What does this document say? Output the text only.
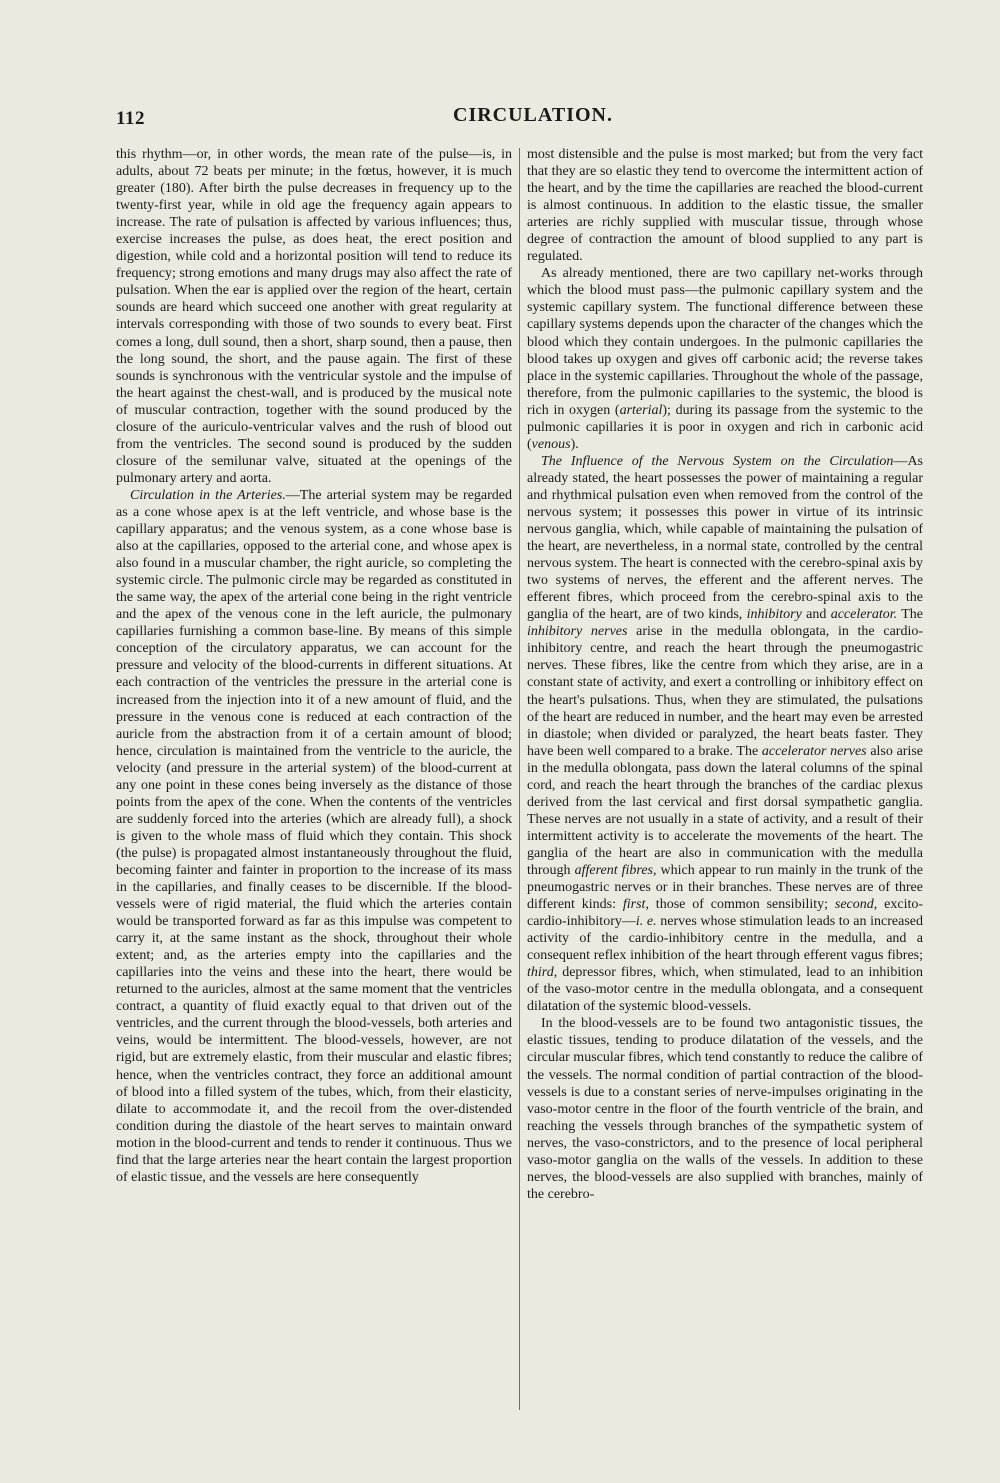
112	CIRCULATION.

this rhythm—or, in other words, the mean rate of the pulse—is, in adults, about 72 beats per minute; in the fœtus, however, it is much greater (180). After birth the pulse decreases in frequency up to the twenty-first year, while in old age the frequency again appears to increase. The rate of pulsation is affected by various influences; thus, exercise increases the pulse, as does heat, the erect position and digestion, while cold and a horizontal position will tend to reduce its frequency; strong emotions and many drugs may also affect the rate of pulsation. When the ear is applied over the region of the heart, certain sounds are heard which succeed one another with great regularity at intervals corresponding with those of two sounds to every beat. First comes a long, dull sound, then a short, sharp sound, then a pause, then the long sound, the short, and the pause again. The first of these sounds is synchronous with the ventricular systole and the impulse of the heart against the chest-wall, and is produced by the musical note of muscular contraction, together with the sound produced by the closure of the auriculo-ventricular valves and the rush of blood out from the ventricles. The second sound is produced by the sudden closure of the semilunar valve, situated at the openings of the pulmonary artery and aorta.

Circulation in the Arteries.—The arterial system may be regarded as a cone whose apex is at the left ventricle, and whose base is the capillary apparatus; and the venous system, as a cone whose base is also at the capillaries, opposed to the arterial cone, and whose apex is also found in a muscular chamber, the right auricle, so completing the systemic circle. The pulmonic circle may be regarded as constituted in the same way, the apex of the arterial cone being in the right ventricle and the apex of the venous cone in the left auricle, the pulmonary capillaries furnishing a common base-line. By means of this simple conception of the circulatory apparatus, we can account for the pressure and velocity of the blood-currents in different situations. At each contraction of the ventricles the pressure in the arterial cone is increased from the injection into it of a new amount of fluid, and the pressure in the venous cone is reduced at each contraction of the auricle from the abstraction from it of a certain amount of blood; hence, circulation is maintained from the ventricle to the auricle, the velocity (and pressure in the arterial system) of the blood-current at any one point in these cones being inversely as the distance of those points from the apex of the cone. When the contents of the ventricles are suddenly forced into the arteries (which are already full), a shock is given to the whole mass of fluid which they contain. This shock (the pulse) is propagated almost instantaneously throughout the fluid, becoming fainter and fainter in proportion to the increase of its mass in the capillaries, and finally ceases to be discernible. If the blood-vessels were of rigid material, the fluid which the arteries contain would be transported forward as far as this impulse was competent to carry it, at the same instant as the shock, throughout their whole extent; and, as the arteries empty into the capillaries and the capillaries into the veins and these into the heart, there would be returned to the auricles, almost at the same moment that the ventricles contract, a quantity of fluid exactly equal to that driven out of the ventricles, and the current through the blood-vessels, both arteries and veins, would be intermittent. The blood-vessels, however, are not rigid, but are extremely elastic, from their muscular and elastic fibres; hence, when the ventricles contract, they force an additional amount of blood into a filled system of the tubes, which, from their elasticity, dilate to accommodate it, and the recoil from the over-distended condition during the diastole of the heart serves to maintain onward motion in the blood-current and tends to render it continuous. Thus we find that the large arteries near the heart contain the largest proportion of elastic tissue, and the vessels are here consequently

most distensible and the pulse is most marked; but from the very fact that they are so elastic they tend to overcome the intermittent action of the heart, and by the time the capillaries are reached the blood-current is almost continuous. In addition to the elastic tissue, the smaller arteries are richly supplied with muscular tissue, through whose degree of contraction the amount of blood supplied to any part is regulated.

As already mentioned, there are two capillary net-works through which the blood must pass—the pulmonic capillary system and the systemic capillary system. The functional difference between these capillary systems depends upon the character of the changes which the blood which they contain undergoes. In the pulmonic capillaries the blood takes up oxygen and gives off carbonic acid; the reverse takes place in the systemic capillaries. Throughout the whole of the passage, therefore, from the pulmonic capillaries to the systemic, the blood is rich in oxygen (arterial); during its passage from the systemic to the pulmonic capillaries it is poor in oxygen and rich in carbonic acid (venous).

The Influence of the Nervous System on the Circulation—As already stated, the heart possesses the power of maintaining a regular and rhythmical pulsation even when removed from the control of the nervous system; it possesses this power in virtue of its intrinsic nervous ganglia, which, while capable of maintaining the pulsation of the heart, are nevertheless, in a normal state, controlled by the central nervous system. The heart is connected with the cerebro-spinal axis by two systems of nerves, the efferent and the afferent nerves. The efferent fibres, which proceed from the cerebro-spinal axis to the ganglia of the heart, are of two kinds, inhibitory and accelerator. The inhibitory nerves arise in the medulla oblongata, in the cardio-inhibitory centre, and reach the heart through the pneumogastric nerves. These fibres, like the centre from which they arise, are in a constant state of activity, and exert a controlling or inhibitory effect on the heart's pulsations. Thus, when they are stimulated, the pulsations of the heart are reduced in number, and the heart may even be arrested in diastole; when divided or paralyzed, the heart beats faster. They have been well compared to a brake. The accelerator nerves also arise in the medulla oblongata, pass down the lateral columns of the spinal cord, and reach the heart through the branches of the cardiac plexus derived from the last cervical and first dorsal sympathetic ganglia. These nerves are not usually in a state of activity, and a result of their intermittent activity is to accelerate the movements of the heart. The ganglia of the heart are also in communication with the medulla through afferent fibres, which appear to run mainly in the trunk of the pneumogastric nerves or in their branches. These nerves are of three different kinds: first, those of common sensibility; second, excito-cardio-inhibitory—i. e. nerves whose stimulation leads to an increased activity of the cardio-inhibitory centre in the medulla, and a consequent reflex inhibition of the heart through efferent vagus fibres; third, depressor fibres, which, when stimulated, lead to an inhibition of the vaso-motor centre in the medulla oblongata, and a consequent dilatation of the systemic blood-vessels.

In the blood-vessels are to be found two antagonistic tissues, the elastic tissues, tending to produce dilatation of the vessels, and the circular muscular fibres, which tend constantly to reduce the calibre of the vessels. The normal condition of partial contraction of the blood-vessels is due to a constant series of nerve-impulses originating in the vaso-motor centre in the floor of the fourth ventricle of the brain, and reaching the vessels through branches of the sympathetic system of nerves, the vaso-constrictors, and to the presence of local peripheral vaso-motor ganglia on the walls of the vessels. In addition to these nerves, the blood-vessels are also supplied with branches, mainly of the cerebro-
